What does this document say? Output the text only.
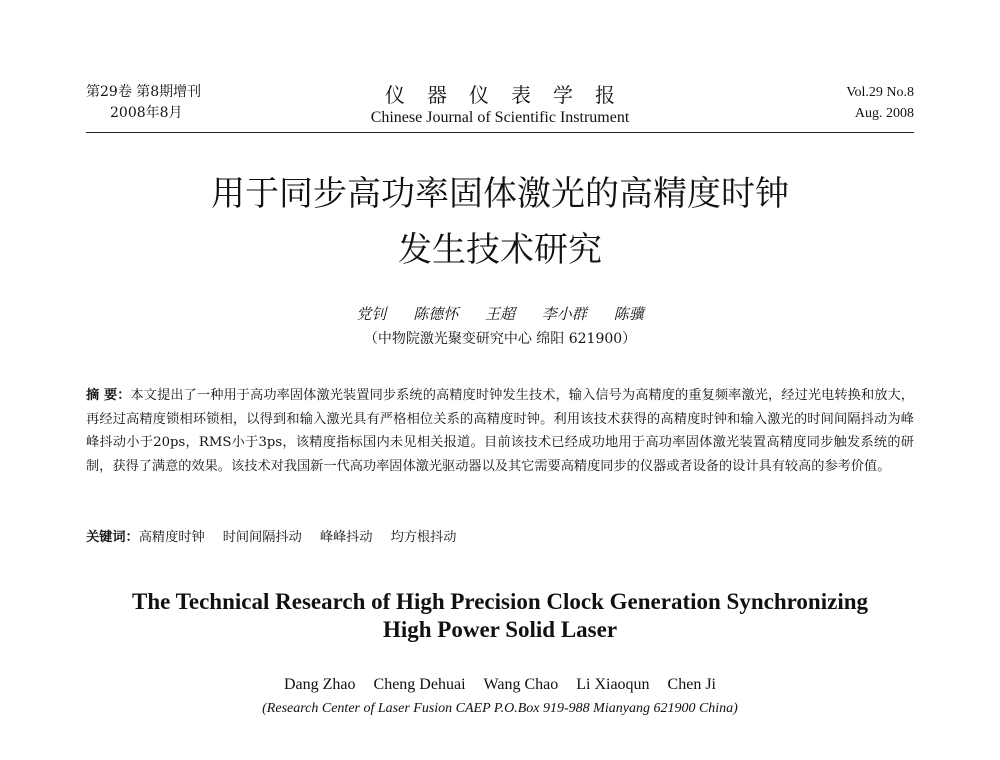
第29卷 第8期增刊
2008年8月
仪器仪表学报
Chinese Journal of Scientific Instrument
Vol.29 No.8
Aug. 2008
用于同步高功率固体激光的高精度时钟
发生技术研究
党钊 陈德怀 王超 李小群 陈骥
（中物院激光聚变研究中心 绵阳 621900）
摘 要：本文提出了一种用于高功率固体激光装置同步系统的高精度时钟发生技术，输入信号为高精度的重复频率激光，经过光电转换和放大，再经过高精度锁相环锁相，以得到和输入激光具有严格相位关系的高精度时钟。利用该技术获得的高精度时钟和输入激光的时间间隔抖动为峰峰抖动小于20ps，RMS小于3ps，该精度指标国内未见相关报道。目前该技术已经成功地用于高功率固体激光装置高精度同步触发系统的研制，获得了满意的效果。该技术对我国新一代高功率固体激光驱动器以及其它需要高精度同步的仪器或者设备的设计具有较高的参考价值。
关键词：高精度时钟 时间间隔抖动 峰峰抖动 均方根抖动
The Technical Research of High Precision Clock Generation Synchronizing
High Power Solid Laser
Dang Zhao Cheng Dehuai Wang Chao Li Xiaoqun Chen Ji
(Research Center of Laser Fusion CAEP P.O.Box 919-988 Mianyang 621900 China)
